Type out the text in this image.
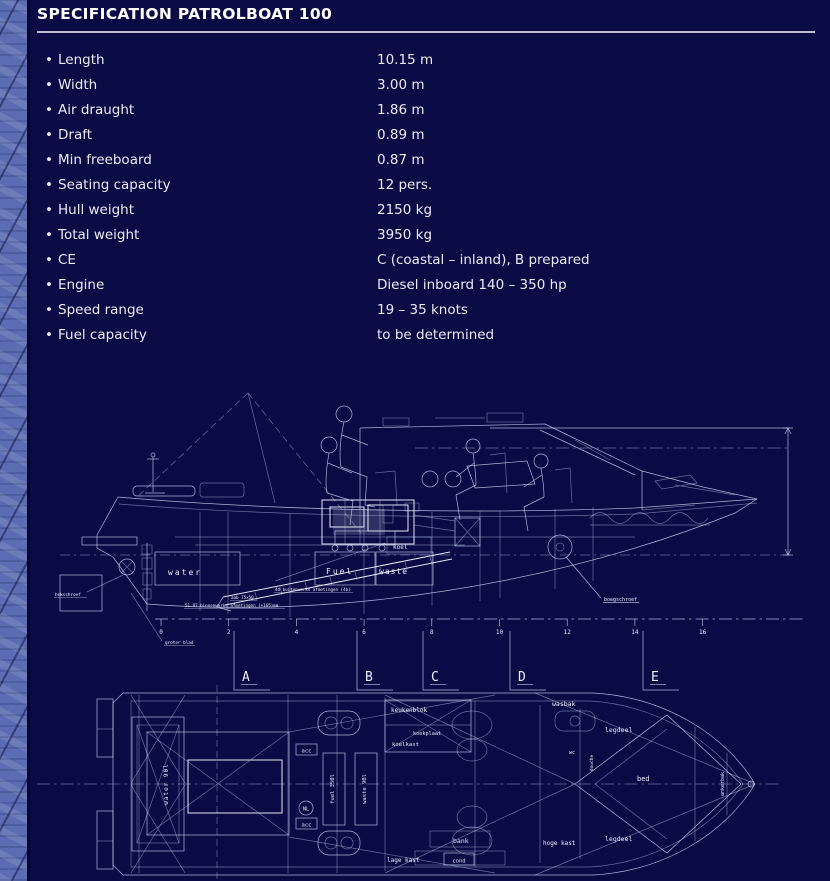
SPECIFICATION PATROLBOAT 100
• Length	10.15 m
• Width	3.00 m
• Air draught	1.86 m
• Draft	0.89 m
• Min freeboard	0.87 m
• Seating capacity	12 pers.
• Hull weight	2150 kg
• Total weight	3950 kg
• CE	C (coastal – inland), B prepared
• Engine	Diesel inboard 140 – 350 hp
• Speed range	19 – 35 knots
• Fuel capacity	to be determined
water	Fuel	waste
koel
boegschroef
hekschroef
4d buitenwerks afmetingen (4b)
aab 75x50
51.97 binnenwerks afmetingen (+165)mm
0	2	4	6	8	10	12	14	16
groter blad
A	B	C	D	E
water 90l	fuel 350l	waste 90l
acc
acc
NL
keukenblok
kookplaat
koelkast
wasbak
legdeel
bed
legdeel
bank	hoge kast
lage kast	cond
ankerbak
wc
douche
